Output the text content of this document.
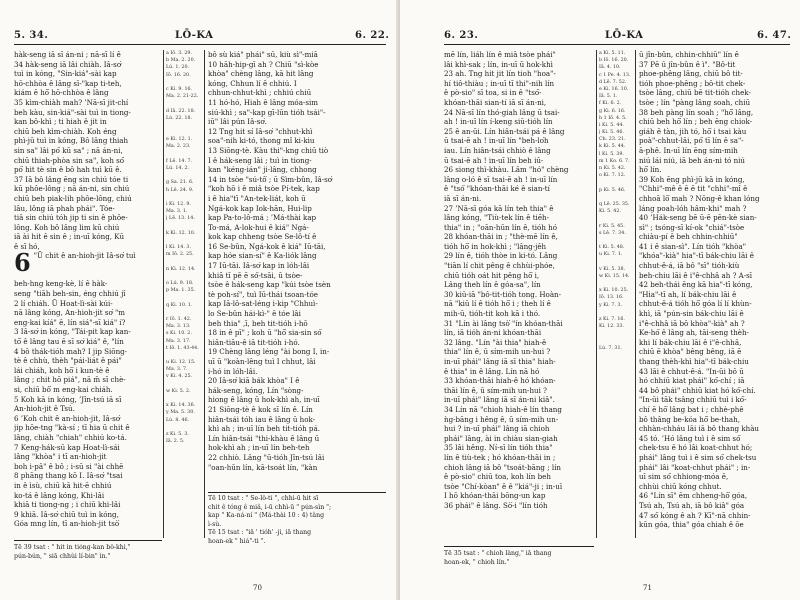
5. 34.	LŌ-KA	6. 22.
hàk-seng iā sī án-ni ; nā-sī lí ê
34 hàk-seng iā lâi chiàh. Iâ-sơ͘
tuì in kóng, "Sin-kiá"-sài kap
hō-chhòa ê lâng sī-"kap ti-teh,
kiám ē hō͘ hō-chhòa ê lâng
35 kìm-chiàh mah? ’Nā-sī jit-chí
beh kàu, sin-kiá"-sài tuì in tiong-
kan bô-khì ; ti hiah ê jit in
chiū beh kìm-chiàh. Koh éng
phì-jū tuì in kóng, Bô lâng thiah
sin sa" lâi pó͘ kū sa" ; nā án-ni,
chiū thiah-phòa sin sa", koh só͘
pó͘ hit tè sin ê bô hah tuì kū ê.
37 Iā bô lâng ēng sin chiú tóe ti
kū phôe-lông ; nā án-ni, sin chiú
chiū beh piak-lih phôe-lông, chiú
lâu, lông iā phah phái". Tóe-
tiâ sin chiú tóh jip ti sin ê phôe-
lông. Koh bô lâng lim kū chiú
iā ài hit ê sin ê ; in-uī kóng, Kū
ê sī hó,
6 "Ū chit ê an-hioh-jit Iâ-sơ͘ tuì
beh-hng keng-kè, lí ê hàk-
seng "tiāh beh-sin, éng chhiú jî
2 lí chiáh. Ū Hoat-lì-sài kúi-
nā lâng kóng, An-hioh-jit sơ͘ "m
eng-kai kíá" ê, lín siá"-sī kiá" í?
3 Iâ-sơ͘ in kóng, "Tái-pit kap kan-
tō͘ ê lâng tau ē sī sơ͘ kiá" ê, "lín
4 bô thák-tióh mah? I jip Siōng-
tè ê chhù, thèh "pái-liát ê pái"
lái chiáh, koh hō͘ i kun-tè ê
lâng ; chit hō piá", nā m̄ sī chè-
si, chiū bô͘ m eng-kai chiáh.
5 Koh kā in kóng, ’Jîn-tsú iā sī
An-hioh-jit ê Tsú.
6 ’Koh chit ê an-hioh-jit, Iâ-sơ͘
jip hōe-tng "kà-sí ; tī hia ū chit ê
lâng, chiàh "chiah" chhiú ko-tá.
7 Keng-hák-sū kap Hoat-lì-sái
lâng "khòa" i tī an-hioh-jit
boh i-pâ" ê bô ; i-sū si "ài chhē
8 phāng thang kō I. Iâ-sơ͘ "tsai
in ê ìsù, chiū kā hit-ē chhiú
ko-tá ê lâng kóng, Khi-lâi
khiā ti tiong-ng ; i chiū khi-lâi
9 khiā. Iâ-sơ͘ chiū tuì in kóng,
Góa mng lín, tī an-hioh-jit tsò͘
a Iō. 3. 29.
b Ma. 2. 20.
Lú. 1. 20.
Iō. 16. 20.

c Ki. 9. 16.
Ma. 2. 21-22.

d Iā. 22. 18.
Lú. 22. 18.

e Ki. 12. 1.
Ma. 2. 23.

f Lê. 14. 7.
Lú. 14. 2.

g Sa. 21. 6.
h Lê. 24. 9.

i Ki. 12. 9.
Ma. 3. 1.
j Lê. 13. 14.

k Ki. 12. 10.

l Ki. 14. 3.
m Iō. 2. 25.

n Ki. 12. 14.

o Lú. 9. 18.
p Ma. 1. 35.

q Ki. 10. 1.

r Iō. 1. 42.
Ma. 3. 13.
s Ki. 10. 2.
Ma. 3. 17.
t Iō. 1. 43-44.

u Ki. 12. 15.
Ma. 3. 7.
v Ki. 4. 25.

w Ki. 5. 2.

x Ki. 14. 36.
y Ma. 5. 30.
Lú. 8. 46.

z Ki. 5. 3.
Iā. 2. 5.
bô sù kiá" phái" sū, kiù sì"-miā
10 hāh-hip-gī ah ? Chiū "sì-kòe
khòa" chèng lâng, kā hit lâng
kóng, Chhun lí ê chhiú. I
chhun-chhut-khì ; chhiú chiū
11 hó-hó, Hiah ê lâng móa-sim
siú-khì ; sa"-kap gī-lūn tióh tsái"-
iū" lâi pún Iâ-sơ͘.
12 Tng hit sí Iâ-sơ͘ "chhut-khì
soa"-nih ki-tó, thong mî ki-kiu
13 Siōng-tè. Kàu thi"-kng chiū tiò
I ê hák-seng lâi ; tuì in tiong-
kan "kéng-ián" ji-lâng, chhong
14 in tsòe "sú-tô͘ ; ū Sìm-bûn, Iâ-sơ͘
"koh hō i ê miâ tsòe Pí-tek, kap
i ê hia"tī "An-tek-liát, koh ū
Ngá-kok kap Iok-hān, Hui-lip
kap Pa-to-lô-má ; ’Má-thài kap
To-má, A-lok-hui ê kiá" Ngá-
kok kap chheng tsòe Se-lô-tí ê
16 Se-bûn, Ngá-kok ê kiá" Iū-tāi,
kap hóe sian-sí" ê Ka-liók lâng
17 Iū-tāi. Iâ-sơ͘ kap in lóh-lâi
khiā tī pē ē só͘-tsāi, ū tsòe-
tsòe ê hák-seng kap "kúi tsòe tsèn
tè poh-sí", tuì Iū-thái tsoan-tóe
kap Iā-lô-sat-léng i-kip "Chhuì-
lo Se-bûn hái-kì-" ê tóe lâi
beh thia" ,ī, beh tit-tióh i-hō
18 in ê pī" ; koh ū "hō͘ sia-sin só͘
hiân-tiāu-ê iā tit-tióh i-hó.
19 Chèng lâng léng "ài bong I, in-
uī ū "koàn-lêng tuì I chhut, lâi
i-hó in lóh-lâi.
20 Iâ-sơ͘ kiā bák khòa" I ê
hák-seng, kóng, Lín "sòng-
hiong ê lâng ū hok-khì ah, in-uī
21 Siōng-tè ê kok sī lín ê. Lín
hiân-tsái tóh iau ê lâng ū hok-
khì ah ; in-uī lín beh tit-tióh pá.
Lín hiân-tsái "thi-khàu ê lâng ū
hok-khì ah ; in-uī lín beh-teh
22 chhiò. Lâng "ū-tióh Jîn-tsú lâi
"oan-hūn lín, kā-tsoát lín, "kàn
Tē 39 tsat : " hit ìn tióng-kan bô-khì,"
pún-bún, " siā chhùi lí-bin" ìn."
Tē 10 tsat : " Se-lô-tí ", chhì-ū hit sī
chit ê tóng ê miâ, i-ū chhì-ū " pún-sìn ";
kap " Ka-ná-ní " (Má-thài 10 : 4) tâng
ì-sù.
Tē 15 tsat : "iā ' tióh' -ji, iā thang
hoan-ek " hiá"-ti ".
70
6. 23.	LŌ-KA	6. 47.
mē lín, liáh lín ê miâ tsòe phái"
lâi khì-sak ; lín, in-uī ū hok-khì
23 ah. Tng hit jit lín tioh "hoa"-
hí tiô-thiàu ; in-uī tī thi"-nih lín
ê pò-sio" sī toa, si in ê "tsó͘-
khóan-thāi sian-tí iā sī án-ni,
24 Nā-sī lín thó-giah lâng ū tsai-
ah ! in-uī lín í-keng siū-tióh lín
25 ê an-ūi. Lín hiân-tsái pá ê lâng
ū tsai-ē ah ! in-uī lín "beh-lo͘h
iau. Lín hiân-tsái chhiò ê lâng
ū tsai-ē ah ! in-uī lín beh iū-
26 siong thì-khàu. Lâm "hó" chèng
lâng o-ló ê sī tsai-ē ah ! in-uī lín
ê "tsó͘ "khóan-thāi ké ê sian-tí
iā sī án-ni.
27 ’Nā-sī góa kā lín teh thia" ê
lâng kóng, "Tiù-tek lín ê tiēh-
thia" in ; "oān-hūn lín ê, tióh hó
28 khóan-thāi in ; "thè-mē lín ê,
tióh hō͘ in hok-khì ; "lâng-jêh
29 lín ê, tióh thòe in ki-tó. Lâng
"tiān lí chit pêng ê chhùi-phóe,
chiū tióh oát hit pêng hō͘ i,
Lâng theh lín ê góa-sa", lín
30 kiū-iā "bô-tit-tióh tong. Hoàn-
nā "kiū lí ê tióh hō͘ i ; theh lí ê
mih-ū, tióh-tit koh kā i thó.
31 "Lín ài lâng tsò͘ "ín khóan-thāi
lín, iā tióh án-ni khóan-thāi
32 lâng. "Lín "ài thia" hiah-ê
thia" lín ê, ū sím-mih un-hui ?
in-uī phái" lâng iā sī thia" hiah-
ê thia" in ê lâng. Lín nā hó
33 khóan-thāi hiah-ê hó khóan-
thāi lín ê, ū sím-mih un-hui ?
in-uī phái" lâng iā sī án-ni kiâ".
34 Lín nā "chioh hiah-ê lín thang
ǹg-bāng i hêng ê, ū sím-mih un-
hui ? in-uī phái" lâng iā chioh
phái" lâng, ài in chiàu sian-giah
35 lâi hêng. Ní-sī lín tióh thia"
lín ê tiù-tek ; hó khóan-thāi in ;
chioh lâng iā bô "tsoát-bāng ; lín
ê pò-sio" chiū toa, koh lín beh
tsòe "Chí-kòan" ê ê "kiá"-ji ; in-uī
I hō khóan-thāi bōng-un kap
36 phái" ê lâng. Sò͘-i "lín tióh
a Ki. 5. 11.
b Iō. 16. 20.
Iā. 4. 10.
c 1 Pe. 4. 13.
d Lê. 7. 52.
e Ki. 16. 10.
Iā. 5. 1.
f Ki. 6. 2.
g Ki. 6. 16.
h 1 Iō. 4. 5.
i Ki. 5. 44.
j Ki. 5. 46.
Ch. 23. 21.
k Ki. 5. 44.
l Ki. 5. 39.
m 1 Ko. 6. 7.
n Ki. 5. 42.
o Ki. 7. 12.

p Ki. 5. 46.

q Lê. 25. 35.
Ki. 5. 42.

r Ki. 5. 45.
s Lê. 7. 34.

t Ki. 5. 48.
u Ki. 7. 1.

v Ki. 5. 38.
w Ki. 15. 14.

x Ki. 10. 25.
Iō. 13. 16.
y Ki. 7. 3.

z Ki. 7. 16.
Ki. 12. 33.

Lú. 7. 31.
ū jîn-bûn, chhin-chhiū" lín ê
37 Pē ū jîn-bûn ê ì". "Bô-tit
phoe-phêng lâng, chiū bô tit-
tióh phoe-phêng ; bô-tit chek-
tsòe lâng, chiū bē tit-tióh chek-
tsòe ; lín "pàng lâng soah, chiū
38 beh pàng lín soah ; "hō͘ lâng,
chiū beh hō͘ lín ; beh ēng chiok-
giáh ê tàn, jih tó, hō͘ i tsai kàu
poà"-chhut-lâi, pó͘ tī lín ê sa"-
ā-phê. In-uī lín ēng sím-mih
niú lái niú, iā beh án-ni tó niú
hō͘ lín.
39 Koh ēng phì-jū kā in kóng,
"Chhi"-mê ê ē ē tit "chhi"-mî ê
chhoā lō͘ mah ? Nōng-ê khan lóng
láng poah-lóh hâm-khi" mah ?
40 ’Hák-seng bē ū-ē pēn-kè sian-
sì" ; tsóng-sī kí-ok "chiá"-tsòe
chiàu-pí ê beh chhin-chhiū"
41 i ê sian-sì". Lín tióh "khòa"
"khóa"-kià" hia"-tī bák-chiu lāi ê
chhut-ê-á, iā bô "sī" tióh-kiù
beh-chiu lāi ê i"ê-chhâ ah ? A-sī
42 beh-thái ēng kā hia"-tī kóng,
"Hia"-tī ah, lí bák-chiu lāi ê
chhut-ê-á tióh hō͘ góa lí lí khùn-
khì, iā "pún-sin bák-chiu lāi ê
i"ê-chhâ iā bô khòa"-kià" ah ?
Ke-hó͘ ê lâng ah, tāi-seng thèh-
khi lí bák-chiu lāi ê i"ê-chhâ,
chiū ē khòa" bêng bêng, iā ē
thang thèh-khì hia"-tī bák-chiu
43 lāi ê chhut-ê-á. "In-ūi bô ū
hó chhiū kiat phái" kó͘-chí ; iā
44 bô phái" chhiū kiat hó kó͘-chí.
"In-ūi tāk tsâng chhiū tuì i kó͘-
chí ē hō͘ lâng bat i ; chhè-phê
bô thâng be-kóa hō͘ be-thah,
chhàn-chháu lāi iā bô thang khàu
45 tó. ’Hó lâng tuì i ê sim só͘
chek-tsu ê hó lâi koat-chhut hó;
phái" lâng tuì i ê sim só͘ chek-tsu
phái" lâi "koat-chhut phái" ; in-
uī sim só͘ chhiong-móa ê,
chhùi chiū kóng chhut.
46 "Lín sī" ēm chheng-hō͘ góa,
Tsú ah, Tsú ah, iā bô kiâ" góa
47 só͘ kóng ê ah ? Kī"-nā chhin-
kūn góa, thia" góa chiah ê ōe
Tē 35 tsat : " chioh lâng," iā thang
hoan-ek, " chioh lín."
71
